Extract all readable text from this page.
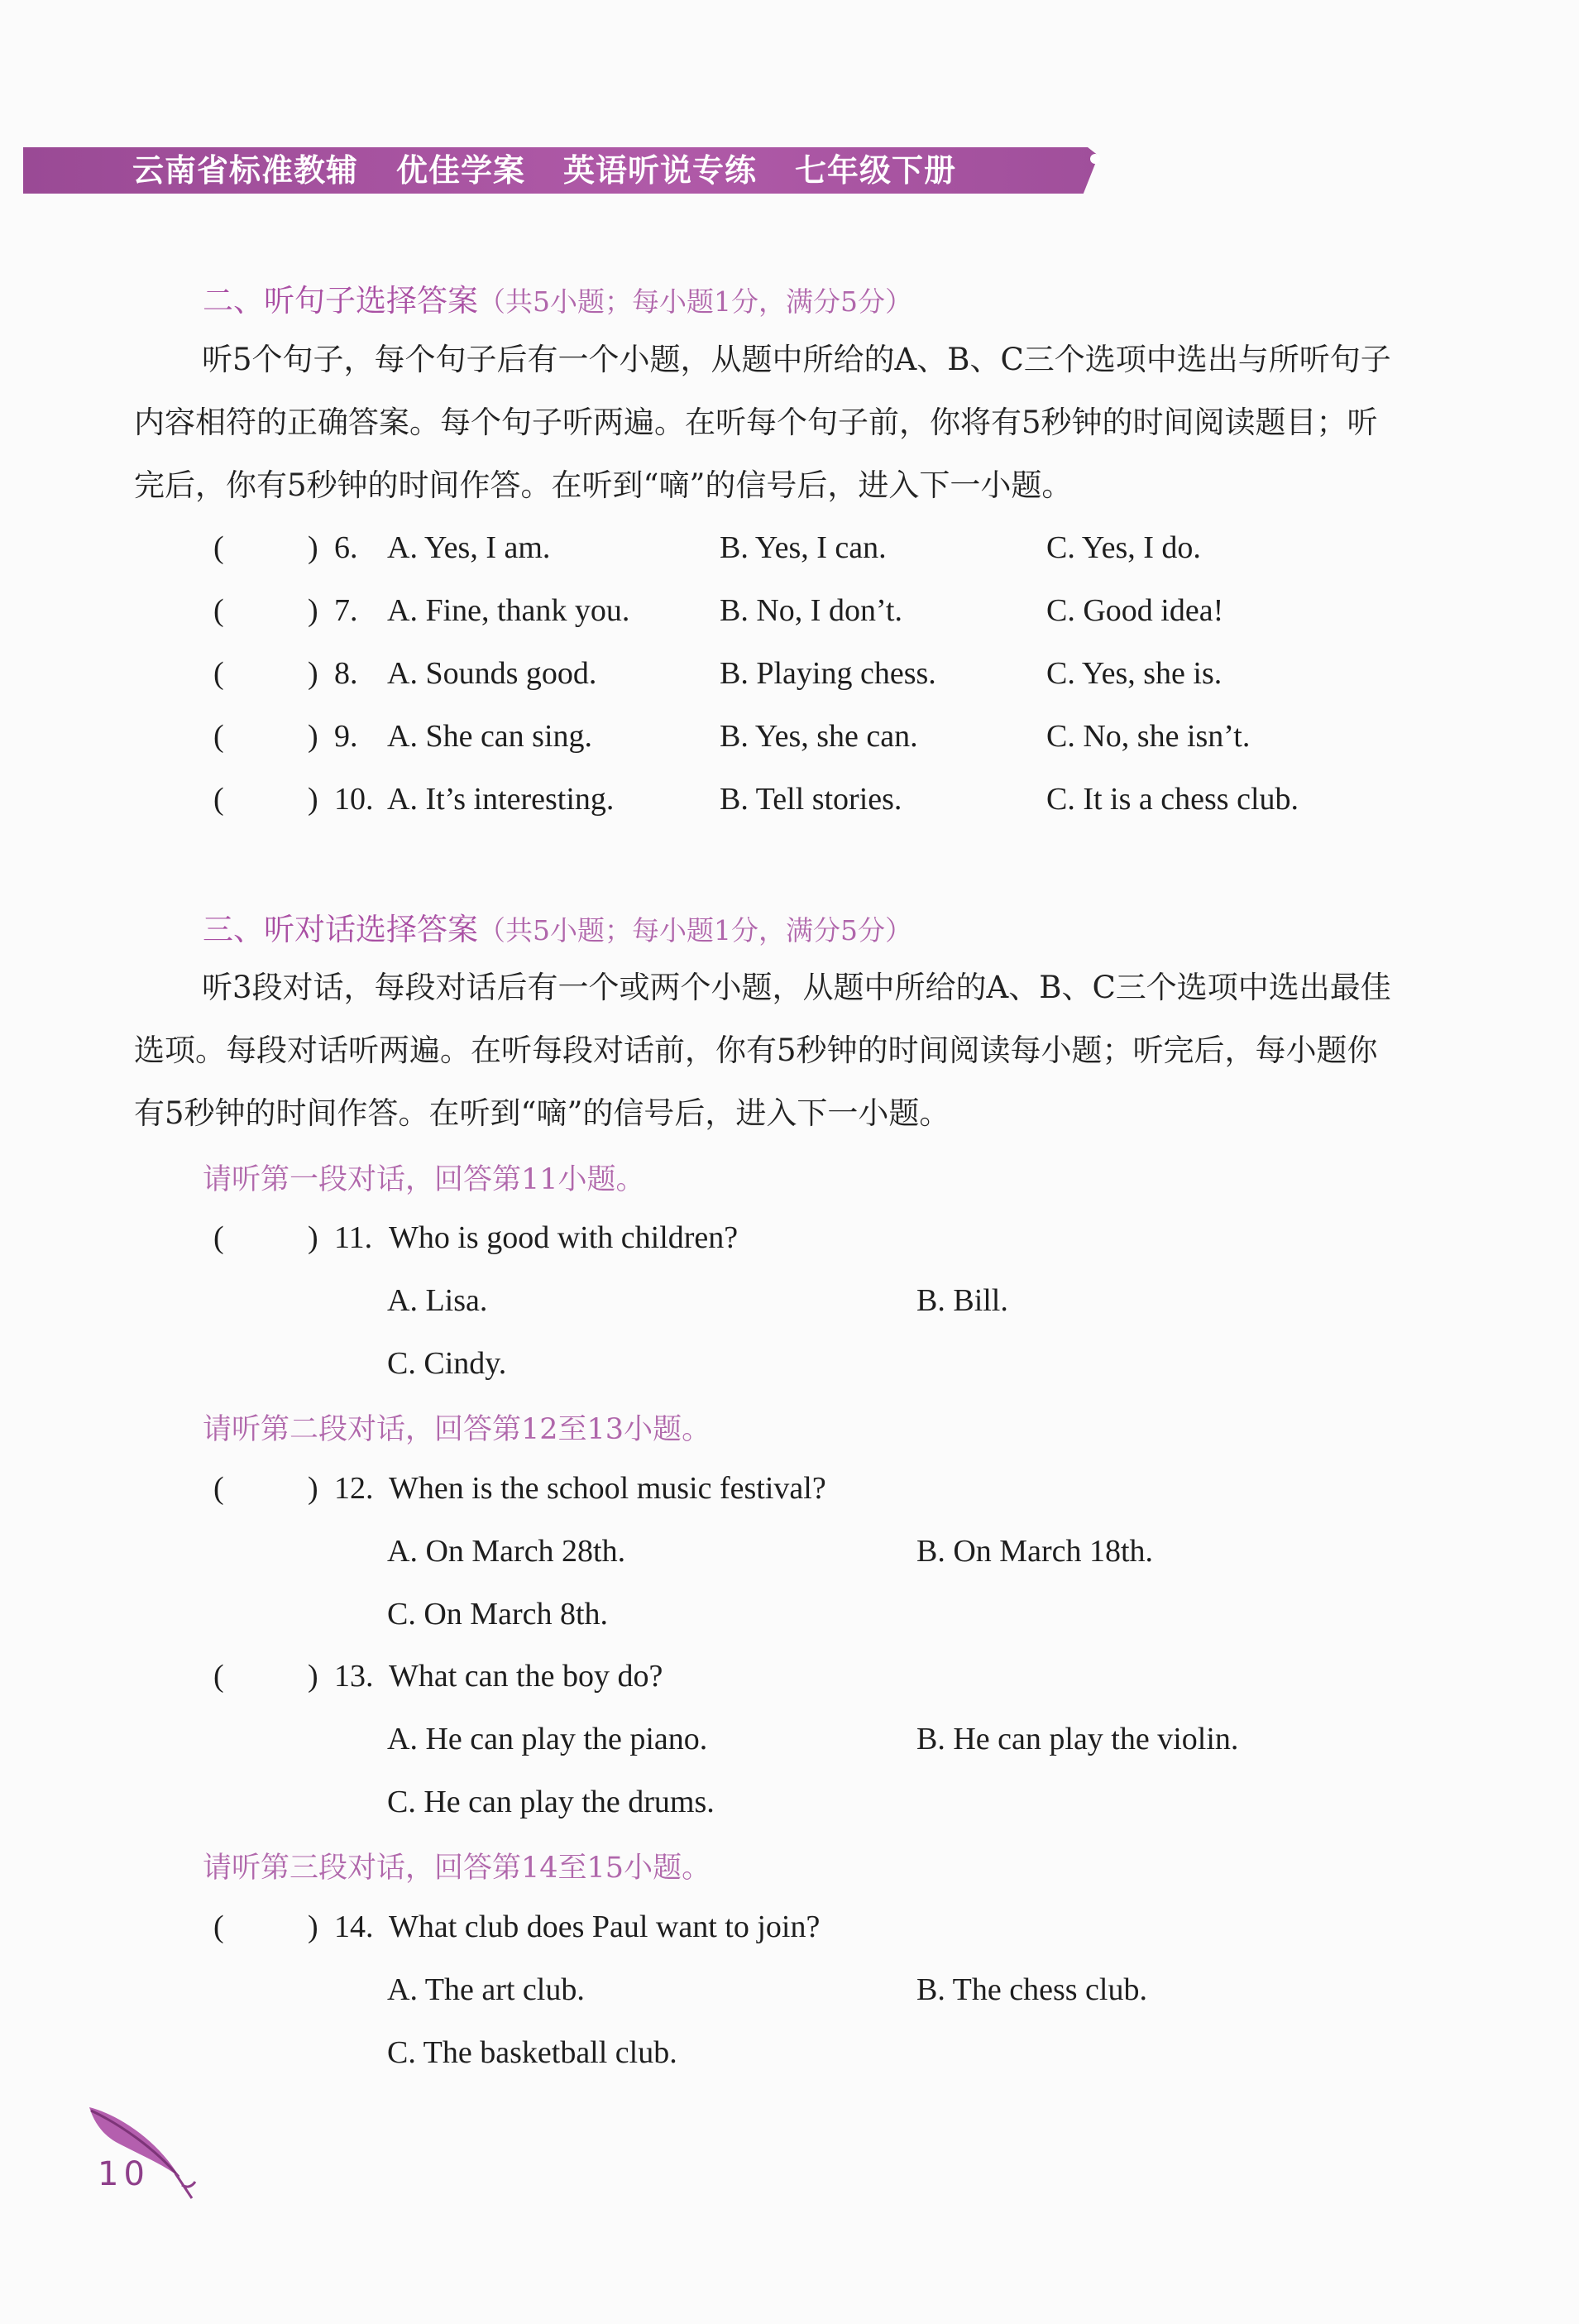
云南省标准教辅 优佳学案 英语听说专练 七年级下册
二、听句子选择答案（共5小题；每小题1分，满分5分）
听5个句子，每个句子后有一个小题，从题中所给的A、B、C三个选项中选出与所听句子内容相符的正确答案。每个句子听两遍。在听每个句子前，你将有5秒钟的时间阅读题目；听完后，你有5秒钟的时间作答。在听到“嘀”的信号后，进入下一小题。
(	) 6. A. Yes, I am.	B. Yes, I can.	C. Yes, I do.
(	) 7. A. Fine, thank you.	B. No, I don’t.	C. Good idea!
(	) 8. A. Sounds good.	B. Playing chess.	C. Yes, she is.
(	) 9. A. She can sing.	B. Yes, she can.	C. No, she isn’t.
(	) 10. A. It’s interesting.	B. Tell stories.	C. It is a chess club.
三、听对话选择答案（共5小题；每小题1分，满分5分）
听3段对话，每段对话后有一个或两个小题，从题中所给的A、B、C三个选项中选出最佳选项。每段对话听两遍。在听每段对话前，你有5秒钟的时间阅读每小题；听完后，每小题你有5秒钟的时间作答。在听到“嘀”的信号后，进入下一小题。
请听第一段对话，回答第11小题。
(	) 11. Who is good with children?
A. Lisa.	B. Bill.
C. Cindy.
请听第二段对话，回答第12至13小题。
(	) 12. When is the school music festival?
A. On March 28th.	B. On March 18th.
C. On March 8th.
(	) 13. What can the boy do?
A. He can play the piano.	B. He can play the violin.
C. He can play the drums.
请听第三段对话，回答第14至15小题。
(	) 14. What club does Paul want to join?
A. The art club.	B. The chess club.
C. The basketball club.
10
